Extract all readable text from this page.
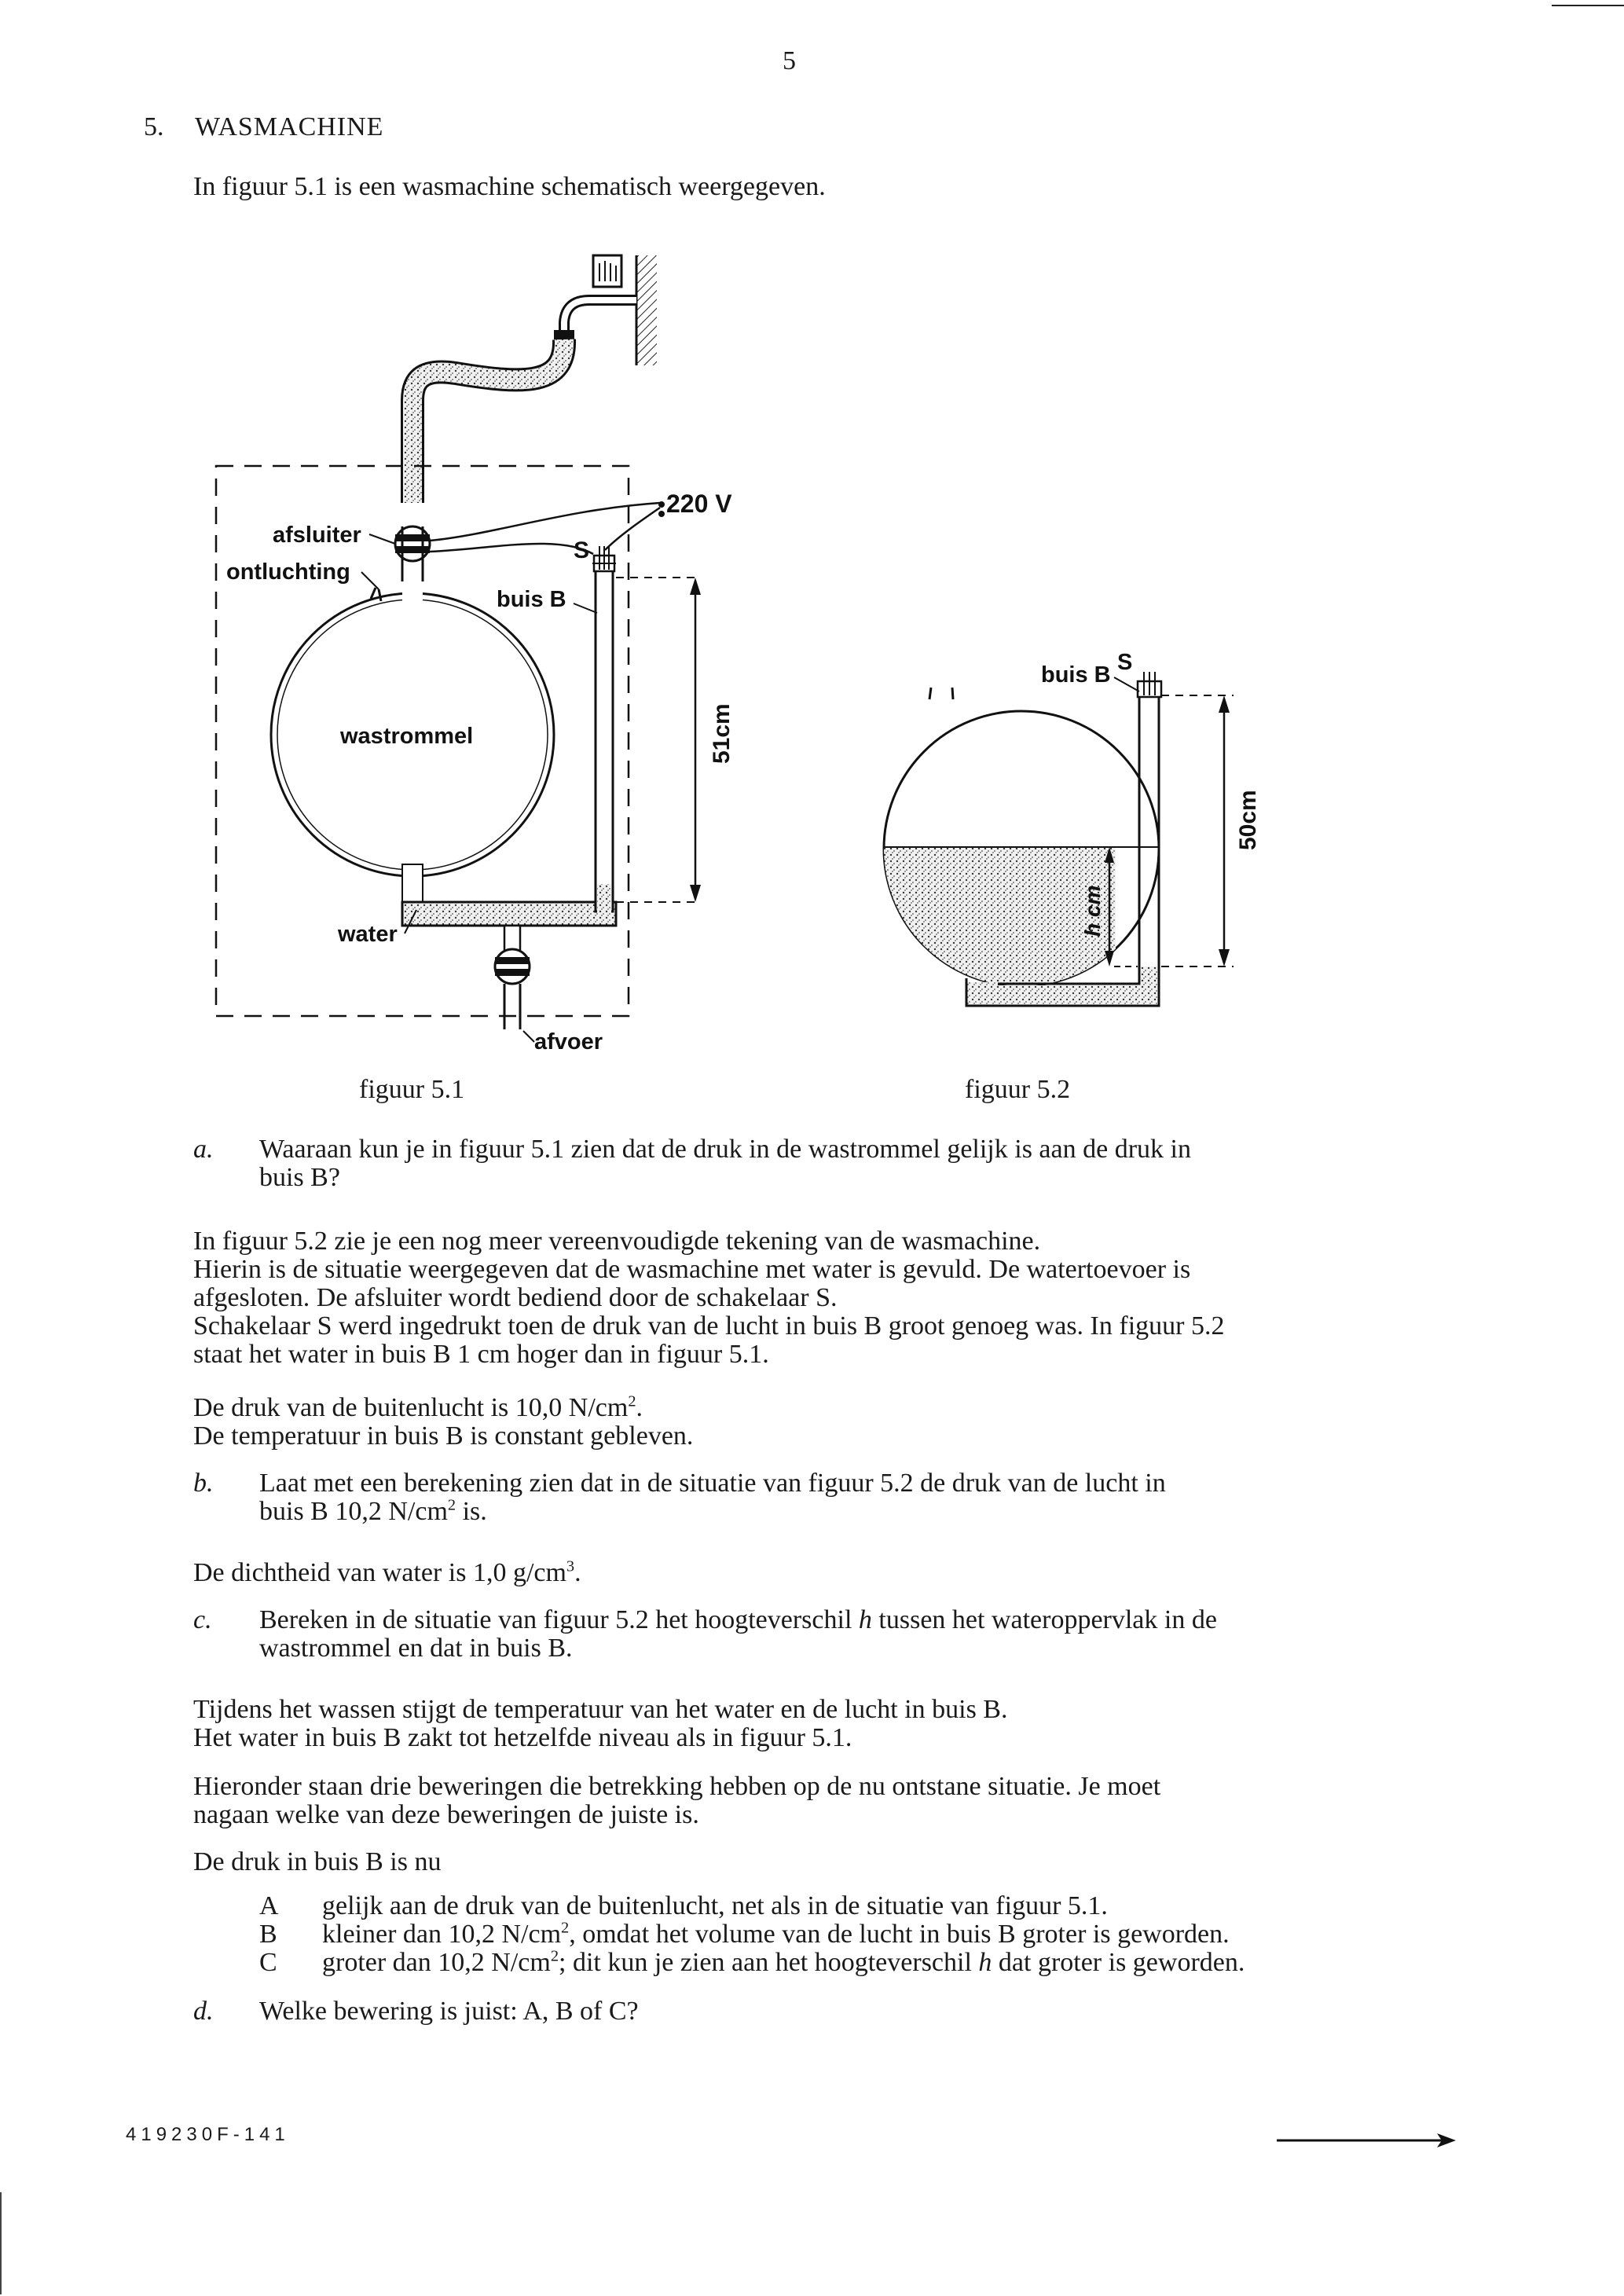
5
5. WASMACHINE
In figuur 5.1 is een wasmachine schematisch weergegeven.
afsluiter
ontluchting
220 V
S
buis B
wastrommel
water
afvoer
51cm
S
buis B
50cm
h cm
figuur 5.1	figuur 5.2
a. Waaraan kun je in figuur 5.1 zien dat de druk in de wastrommel gelijk is aan de druk in
buis B?
In figuur 5.2 zie je een nog meer vereenvoudigde tekening van de wasmachine.
Hierin is de situatie weergegeven dat de wasmachine met water is gevuld. De watertoevoer is
afgesloten. De afsluiter wordt bediend door de schakelaar S.
Schakelaar S werd ingedrukt toen de druk van de lucht in buis B groot genoeg was. In figuur 5.2
staat het water in buis B 1 cm hoger dan in figuur 5.1.
De druk van de buitenlucht is 10,0 $N/cm^2$.
De temperatuur in buis B is constant gebleven.
b. Laat met een berekening zien dat in de situatie van figuur 5.2 de druk van de lucht in
buis B 10,2 $N/cm^2$ is.
De dichtheid van water is 1,0 $g/cm^3$.
c. Bereken in de situatie van figuur 5.2 het hoogteverschil h tussen het wateroppervlak in de
wastrommel en dat in buis B.
Tijdens het wassen stijgt de temperatuur van het water en de lucht in buis B.
Het water in buis B zakt tot hetzelfde niveau als in figuur 5.1.
Hieronder staan drie beweringen die betrekking hebben op de nu ontstane situatie. Je moet
nagaan welke van deze beweringen de juiste is.
De druk in buis B is nu
A gelijk aan de druk van de buitenlucht, net als in de situatie van figuur 5.1.
B kleiner dan 10,2 $N/cm^2$, omdat het volume van de lucht in buis B groter is geworden.
C groter dan 10,2 $N/cm^2$; dit kun je zien aan het hoogteverschil h dat groter is geworden.
d. Welke bewering is juist: A, B of C?
419230F-141
